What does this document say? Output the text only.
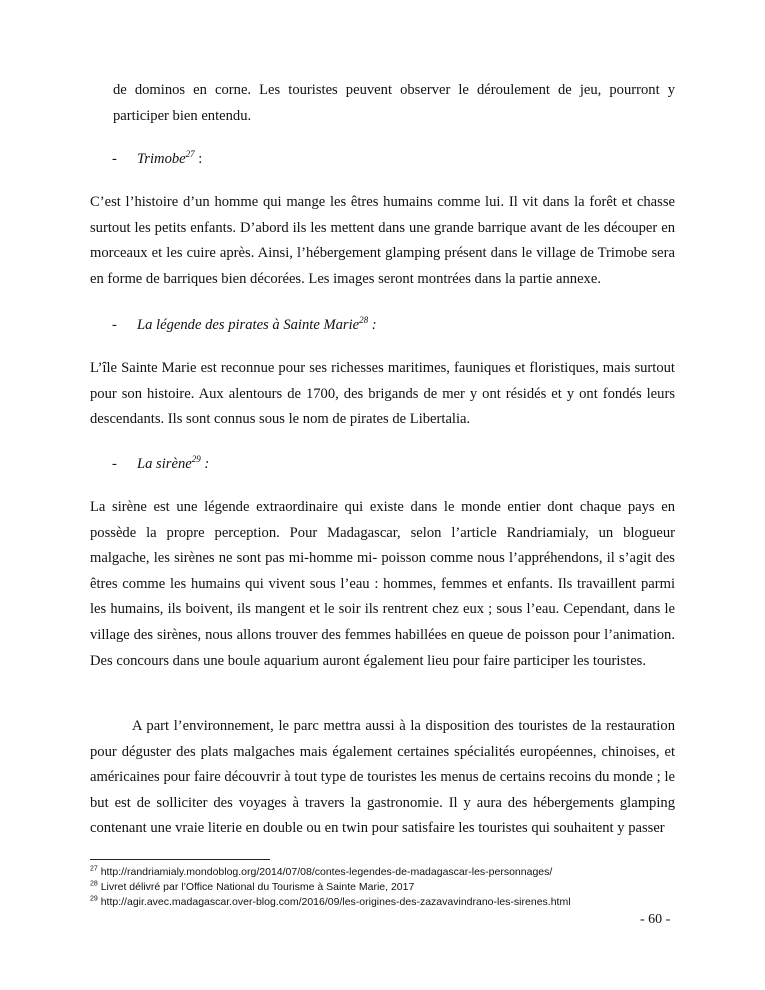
de dominos en corne. Les touristes peuvent observer le déroulement de jeu, pourront y participer bien entendu.

- Trimobe$^{27}$ :

C’est l’histoire d’un homme qui mange les êtres humains comme lui. Il vit dans la forêt et chasse surtout les petits enfants. D’abord ils les mettent dans une grande barrique avant de les découper en morceaux et les cuire après. Ainsi, l’hébergement glamping présent dans le village de Trimobe sera en forme de barriques bien décorées. Les images seront montrées dans la partie annexe.

- La légende des pirates à Sainte Marie$^{28}$ :

L’île Sainte Marie est reconnue pour ses richesses maritimes, fauniques et floristiques, mais surtout pour son histoire. Aux alentours de 1700, des brigands de mer y ont résidés et y ont fondés leurs descendants. Ils sont connus sous le nom de pirates de Libertalia.

- La sirène$^{29}$ :

La sirène est une légende extraordinaire qui existe dans le monde entier dont chaque pays en possède la propre perception. Pour Madagascar, selon l’article Randriamialy, un blogueur malgache, les sirènes ne sont pas mi-homme mi- poisson comme nous l’appréhendons, il s’agit des êtres comme les humains qui vivent sous l’eau : hommes, femmes et enfants. Ils travaillent parmi les humains, ils boivent, ils mangent et le soir ils rentrent chez eux ; sous l’eau. Cependant, dans le village des sirènes, nous allons trouver des femmes habillées en queue de poisson pour l’animation. Des concours dans une boule aquarium auront également lieu pour faire participer les touristes.

A part l’environnement, le parc mettra aussi à la disposition des touristes de la restauration pour déguster des plats malgaches mais également certaines spécialités européennes, chinoises, et américaines pour faire découvrir à tout type de touristes les menus de certains recoins du monde ; le but est de solliciter des voyages à travers la gastronomie. Il y aura des hébergements glamping contenant une vraie literie en double ou en twin pour satisfaire les touristes qui souhaitent y passer

$^{27}$ http://randriamialy.mondoblog.org/2014/07/08/contes-legendes-de-madagascar-les-personnages/
$^{28}$ Livret délivré par l’Office National du Tourisme à Sainte Marie, 2017
$^{29}$ http://agir.avec.madagascar.over-blog.com/2016/09/les-origines-des-zazavavindrano-les-sirenes.html
- 60 -
